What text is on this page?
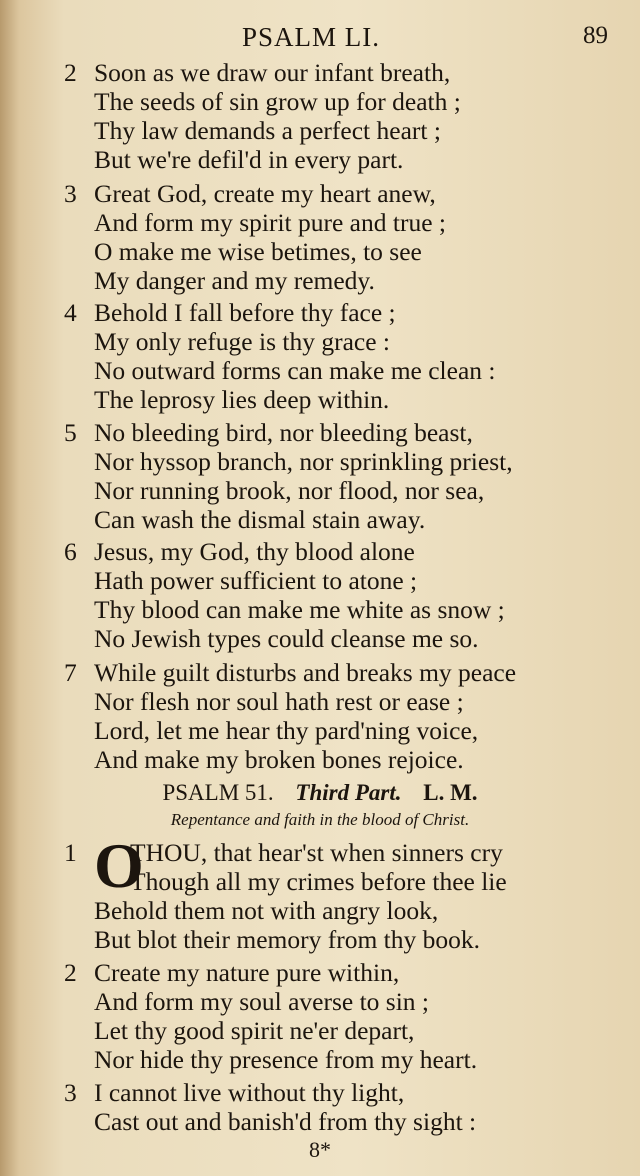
PSALM LI.	89
2 Soon as we draw our infant breath,
The seeds of sin grow up for death ;
Thy law demands a perfect heart ;
But we're defil'd in every part.
3 Great God, create my heart anew,
And form my spirit pure and true ;
O make me wise betimes, to see
My danger and my remedy.
4 Behold I fall before thy face ;
My only refuge is thy grace :
No outward forms can make me clean :
The leprosy lies deep within.
5 No bleeding bird, nor bleeding beast,
Nor hyssop branch, nor sprinkling priest,
Nor running brook, nor flood, nor sea,
Can wash the dismal stain away.
6 Jesus, my God, thy blood alone
Hath power sufficient to atone ;
Thy blood can make me white as snow ;
No Jewish types could cleanse me so.
7 While guilt disturbs and breaks my peace
Nor flesh nor soul hath rest or ease ;
Lord, let me hear thy pard'ning voice,
And make my broken bones rejoice.
PSALM 51. Third Part. L. M.
Repentance and faith in the blood of Christ.
1 THOU, that hear'st when sinners cry
Though all my crimes before thee lie
Behold them not with angry look,
But blot their memory from thy book.
O
2 Create my nature pure within,
And form my soul averse to sin ;
Let thy good spirit ne'er depart,
Nor hide thy presence from my heart.
3 I cannot live without thy light,
Cast out and banish'd from thy sight :
8*
